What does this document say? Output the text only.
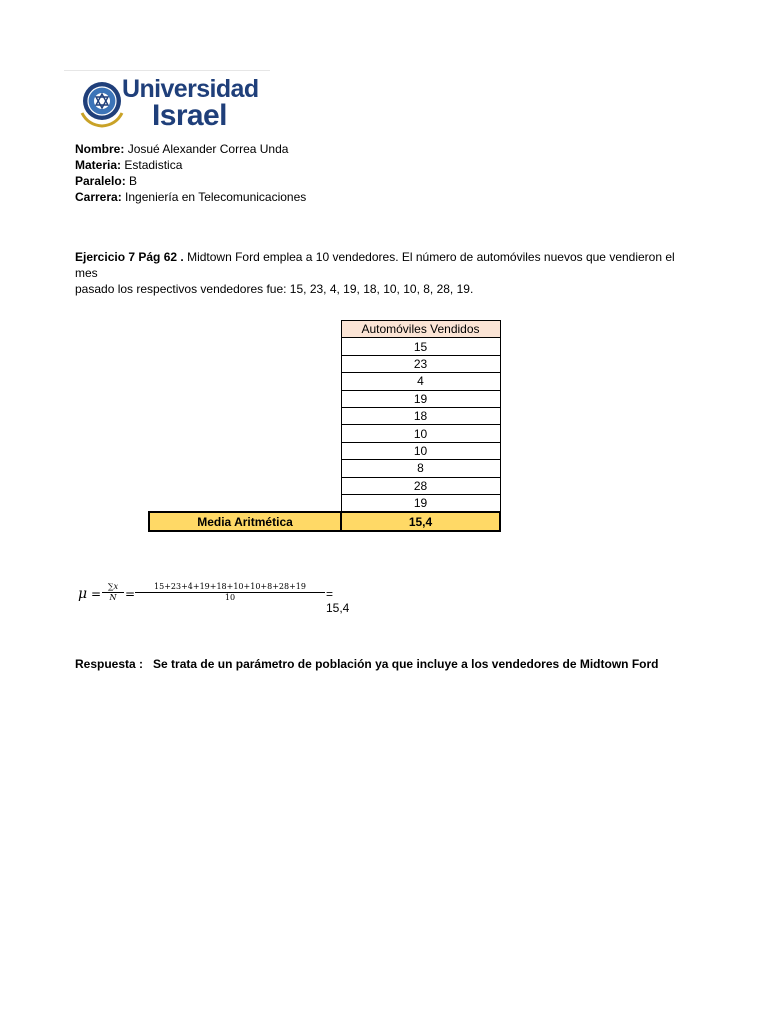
Universidad
Israel
Nombre: Josué Alexander Correa Unda
Materia: Estadistica
Paralelo: B
Carrera: Ingeniería en Telecomunicaciones
Ejercicio 7 Pág 62 . Midtown Ford emplea a 10 vendedores. El número de automóviles nuevos que vendieron el mes
pasado los respectivos vendedores fue: 15, 23, 4, 19, 18, 10, 10, 8, 28, 19.
	Automóviles Vendidos
	15
	23
	4
	19
	18
	10
	10
	8
	28
	19
Media Aritmética	15,4
$\mu = \frac{\sum x}{N} = \frac{15+23+4+19+18+10+10+8+28+19}{10} = 15,4$
Respuesta : Se trata de un parámetro de población ya que incluye a los vendedores de Midtown Ford
